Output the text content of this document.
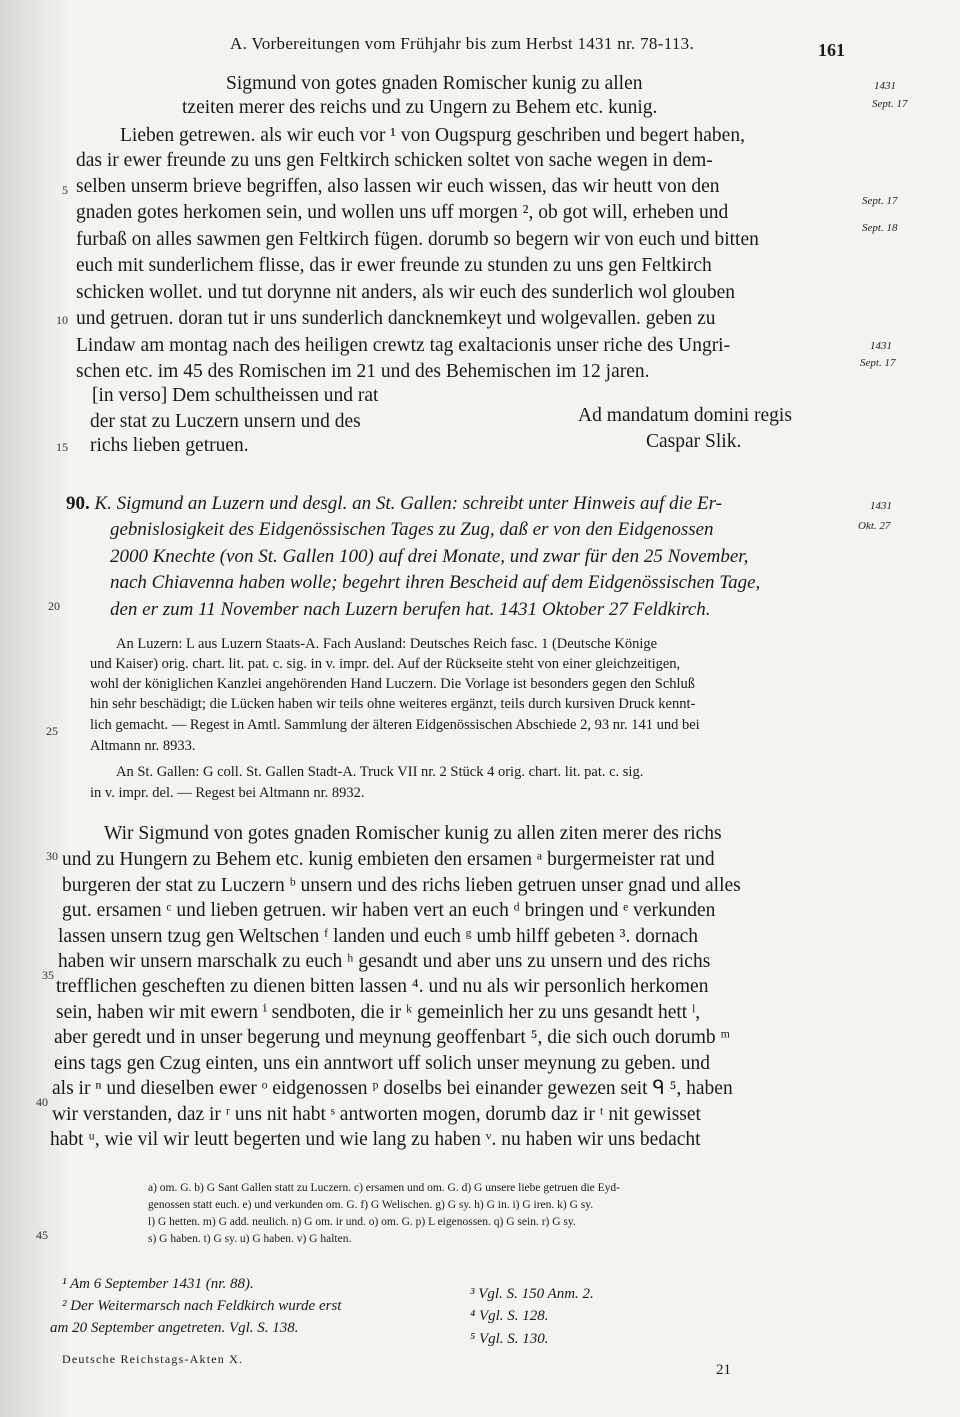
A. Vorbereitungen vom Frühjahr bis zum Herbst 1431 nr. 78-113.	161
Sigmund von gotes gnaden Romischer kunig zu allen
tzeiten merer des reichs und zu Ungern zu Behem etc. kunig.
Lieben getrewen. als wir euch vor ¹ von Ougspurg geschriben und begert haben,
das ir ewer freunde zu uns gen Feltkirch schicken soltet von sache wegen in dem-
selben unserm brieve begriffen, also lassen wir euch wissen, das wir heutt von den
gnaden gotes herkomen sein, und wollen uns uff morgen ², ob got will, erheben und
furbaß on alles sawmen gen Feltkirch fügen. dorumb so begern wir von euch und bitten
euch mit sunderlichem flisse, das ir ewer freunde zu stunden zu uns gen Feltkirch
schicken wollet. und tut dorynne nit anders, als wir euch des sunderlich wol glouben
und getruen. doran tut ir uns sunderlich dancknemkeyt und wolgevallen. geben zu
Lindaw am montag nach des heiligen crewtz tag exaltacionis unser riche des Ungri-
schen etc. im 45 des Romischen im 21 und des Behemischen im 12 jaren.
[in verso] Dem schultheissen und rat
der stat zu Luczern unsern und des
richs lieben getruen.
Ad mandatum domini regis
Caspar Slik.
1431
Sept. 17
Sept. 17
Sept. 18
1431
Sept. 17
1431
Okt. 27
5
10
15
20
25
30
35
40
45
90. K. Sigmund an Luzern und desgl. an St. Gallen: schreibt unter Hinweis auf die Er-
gebnislosigkeit des Eidgenössischen Tages zu Zug, daß er von den Eidgenossen
2000 Knechte (von St. Gallen 100) auf drei Monate, und zwar für den 25 November,
nach Chiavenna haben wolle; begehrt ihren Bescheid auf dem Eidgenössischen Tage,
den er zum 11 November nach Luzern berufen hat. 1431 Oktober 27 Feldkirch.
An Luzern: L aus Luzern Staats-A. Fach Ausland: Deutsches Reich fasc. 1 (Deutsche Könige
und Kaiser) orig. chart. lit. pat. c. sig. in v. impr. del. Auf der Rückseite steht von einer gleichzeitigen,
wohl der königlichen Kanzlei angehörenden Hand Luczern. Die Vorlage ist besonders gegen den Schluß
hin sehr beschädigt; die Lücken haben wir teils ohne weiteres ergänzt, teils durch kursiven Druck kennt-
lich gemacht. — Regest in Amtl. Sammlung der älteren Eidgenössischen Abschiede 2, 93 nr. 141 und bei
Altmann nr. 8933.
An St. Gallen: G coll. St. Gallen Stadt-A. Truck VII nr. 2 Stück 4 orig. chart. lit. pat. c. sig.
in v. impr. del. — Regest bei Altmann nr. 8932.
Wir Sigmund von gotes gnaden Romischer kunig zu allen ziten merer des richs
und zu Hungern zu Behem etc. kunig embieten den ersamen ᵃ burgermeister rat und
burgeren der stat zu Luczern ᵇ unsern und des richs lieben getruen unser gnad und alles
gut. ersamen ᶜ und lieben getruen. wir haben vert an euch ᵈ bringen und ᵉ verkunden
lassen unsern tzug gen Weltschen ᶠ landen und euch ᵍ umb hilff gebeten ³. dornach
haben wir unsern marschalk zu euch ʰ gesandt und aber uns zu unsern und des richs
trefflichen gescheften zu dienen bitten lassen ⁴. und nu als wir personlich herkomen
sein, haben wir mit ewern ⁱ sendboten, die ir ᵏ gemeinlich her zu uns gesandt hett ˡ,
aber geredt und in unser begerung und meynung geoffenbart ⁵, die sich ouch dorumb ᵐ
eins tags gen Czug einten, uns ein anntwort uff solich unser meynung zu geben. und
als ir ⁿ und dieselben ewer ᵒ eidgenossen ᵖ doselbs bei einander gewezen seit ᑫ ⁵, haben
wir verstanden, daz ir ʳ uns nit habt ˢ antworten mogen, dorumb daz ir ᵗ nit gewisset
habt ᵘ, wie vil wir leutt begerten und wie lang zu haben ᵛ. nu haben wir uns bedacht
a) om. G. b) G Sant Gallen statt zu Luczern. c) ersamen und om. G. d) G unsere liebe getruen die Eyd-
genossen statt euch. e) und verkunden om. G. f) G Welischen. g) G sy. h) G in. i) G iren. k) G sy.
l) G hetten. m) G add. neulich. n) G om. ir und. o) om. G. p) L eigenossen. q) G sein. r) G sy.
s) G haben. t) G sy. u) G haben. v) G halten.
¹ Am 6 September 1431 (nr. 88).
² Der Weitermarsch nach Feldkirch wurde erst
am 20 September angetreten. Vgl. S. 138.
³ Vgl. S. 150 Anm. 2.
⁴ Vgl. S. 128.
⁵ Vgl. S. 130.
Deutsche Reichstags-Akten X.
21
